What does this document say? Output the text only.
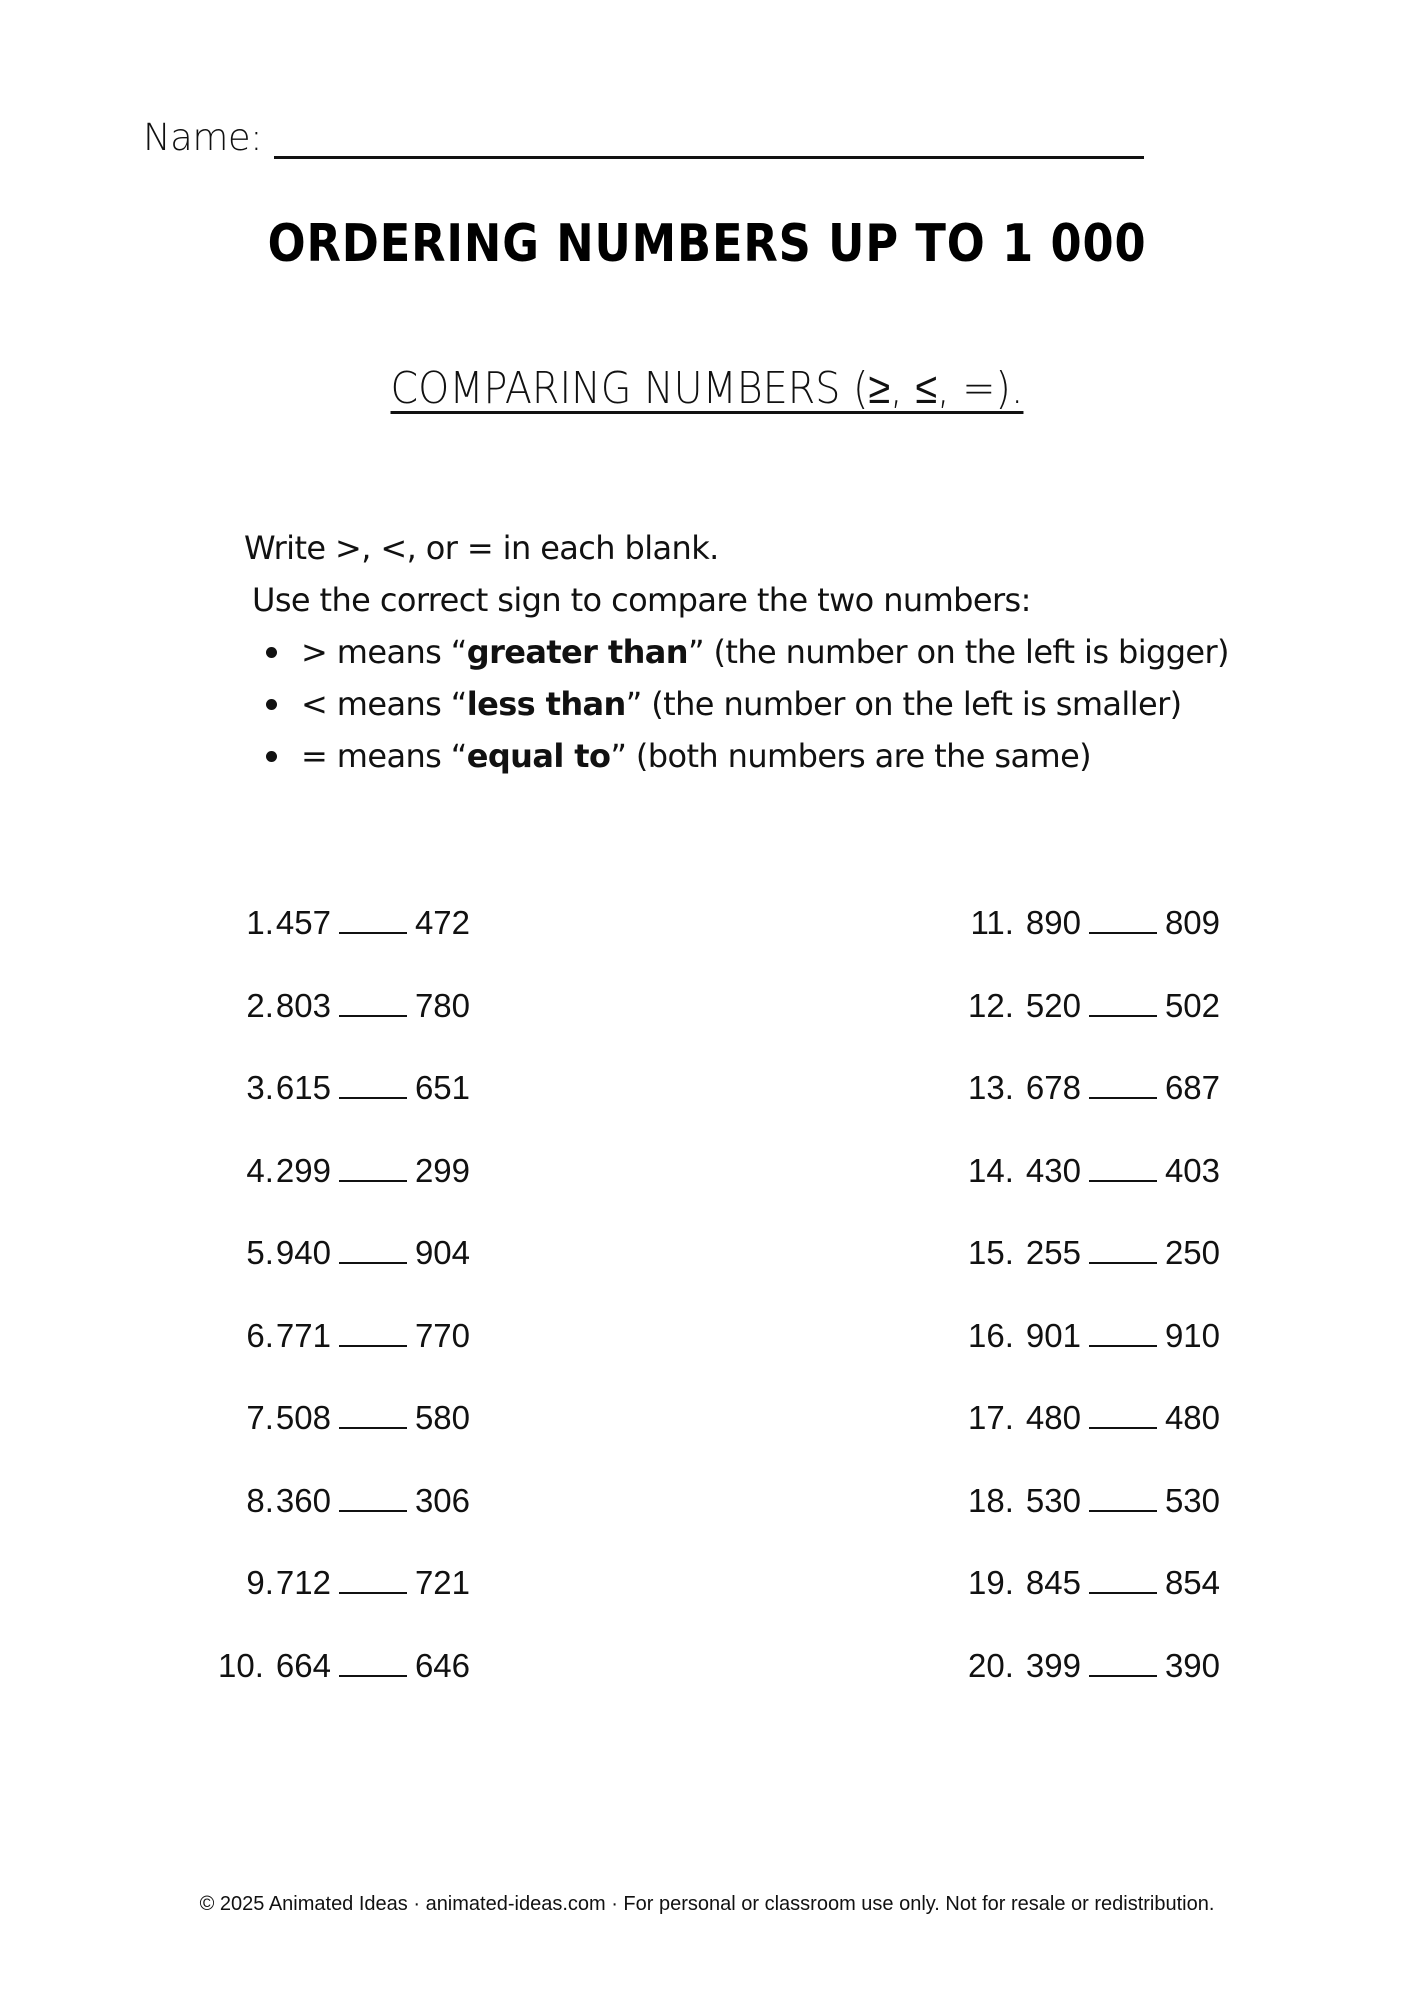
Name:
ORDERING NUMBERS UP TO 1 000
COMPARING NUMBERS (≥, ≤, =).
Write >, <, or = in each blank.
Use the correct sign to compare the two numbers:
> means “ greater than ” (the number on the left is bigger)
< means “ less than ” (the number on the left is smaller)
= means “ equal to ” (both numbers are the same)
1. 457	472
2. 803	780
3. 615	651
4. 299	299
5. 940	904
6. 771	770
7. 508	580
8. 360	306
9. 712	721
10. 664	646
11. 890	809
12. 520	502
13. 678	687
14. 430	403
15. 255	250
16. 901	910
17. 480	480
18. 530	530
19. 845	854
20. 399	390
© 2025 Animated Ideas · animated-ideas.com · For personal or classroom use only. Not for resale or redistribution.
